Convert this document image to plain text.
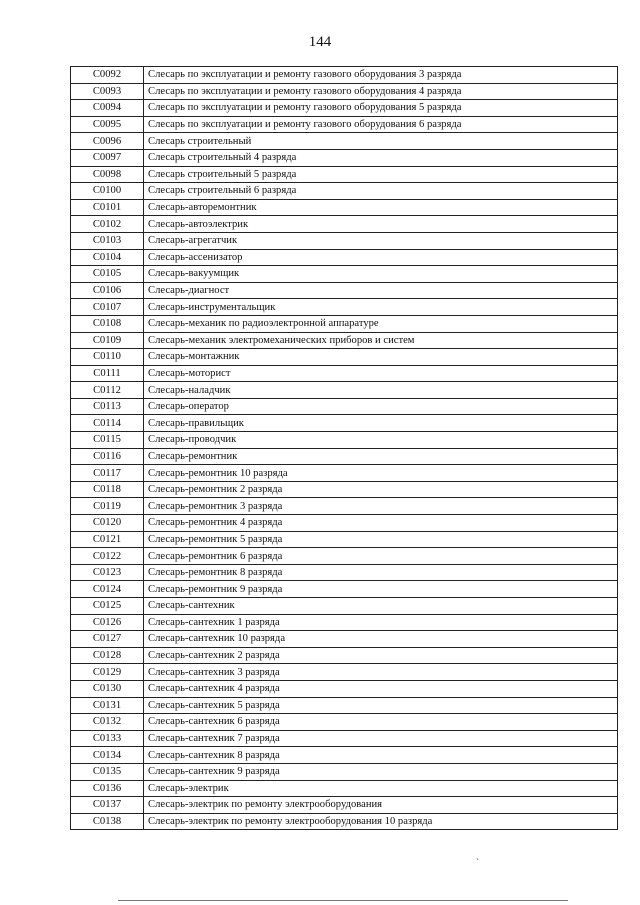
144
C0092	Слесарь по эксплуатации и ремонту газового оборудования 3 разряда
C0093	Слесарь по эксплуатации и ремонту газового оборудования 4 разряда
C0094	Слесарь по эксплуатации и ремонту газового оборудования 5 разряда
C0095	Слесарь по эксплуатации и ремонту газового оборудования 6 разряда
C0096	Слесарь строительный
C0097	Слесарь строительный 4 разряда
C0098	Слесарь строительный 5 разряда
C0100	Слесарь строительный 6 разряда
C0101	Слесарь-авторемонтник
C0102	Слесарь-автоэлектрик
C0103	Слесарь-агрегатчик
C0104	Слесарь-ассенизатор
C0105	Слесарь-вакуумщик
C0106	Слесарь-диагност
C0107	Слесарь-инструментальщик
C0108	Слесарь-механик по радиоэлектронной аппаратуре
C0109	Слесарь-механик электромеханических приборов и систем
C0110	Слесарь-монтажник
C0111	Слесарь-моторист
C0112	Слесарь-наладчик
C0113	Слесарь-оператор
C0114	Слесарь-правильщик
C0115	Слесарь-проводчик
C0116	Слесарь-ремонтник
C0117	Слесарь-ремонтник 10 разряда
C0118	Слесарь-ремонтник 2 разряда
C0119	Слесарь-ремонтник 3 разряда
C0120	Слесарь-ремонтник 4 разряда
C0121	Слесарь-ремонтник 5 разряда
C0122	Слесарь-ремонтник 6 разряда
C0123	Слесарь-ремонтник 8 разряда
C0124	Слесарь-ремонтник 9 разряда
C0125	Слесарь-сантехник
C0126	Слесарь-сантехник 1 разряда
C0127	Слесарь-сантехник 10 разряда
C0128	Слесарь-сантехник 2 разряда
C0129	Слесарь-сантехник 3 разряда
C0130	Слесарь-сантехник 4 разряда
C0131	Слесарь-сантехник 5 разряда
C0132	Слесарь-сантехник 6 разряда
C0133	Слесарь-сантехник 7 разряда
C0134	Слесарь-сантехник 8 разряда
C0135	Слесарь-сантехник 9 разряда
C0136	Слесарь-электрик
C0137	Слесарь-электрик по ремонту электрооборудования
C0138	Слесарь-электрик по ремонту электрооборудования 10 разряда
ˎ
